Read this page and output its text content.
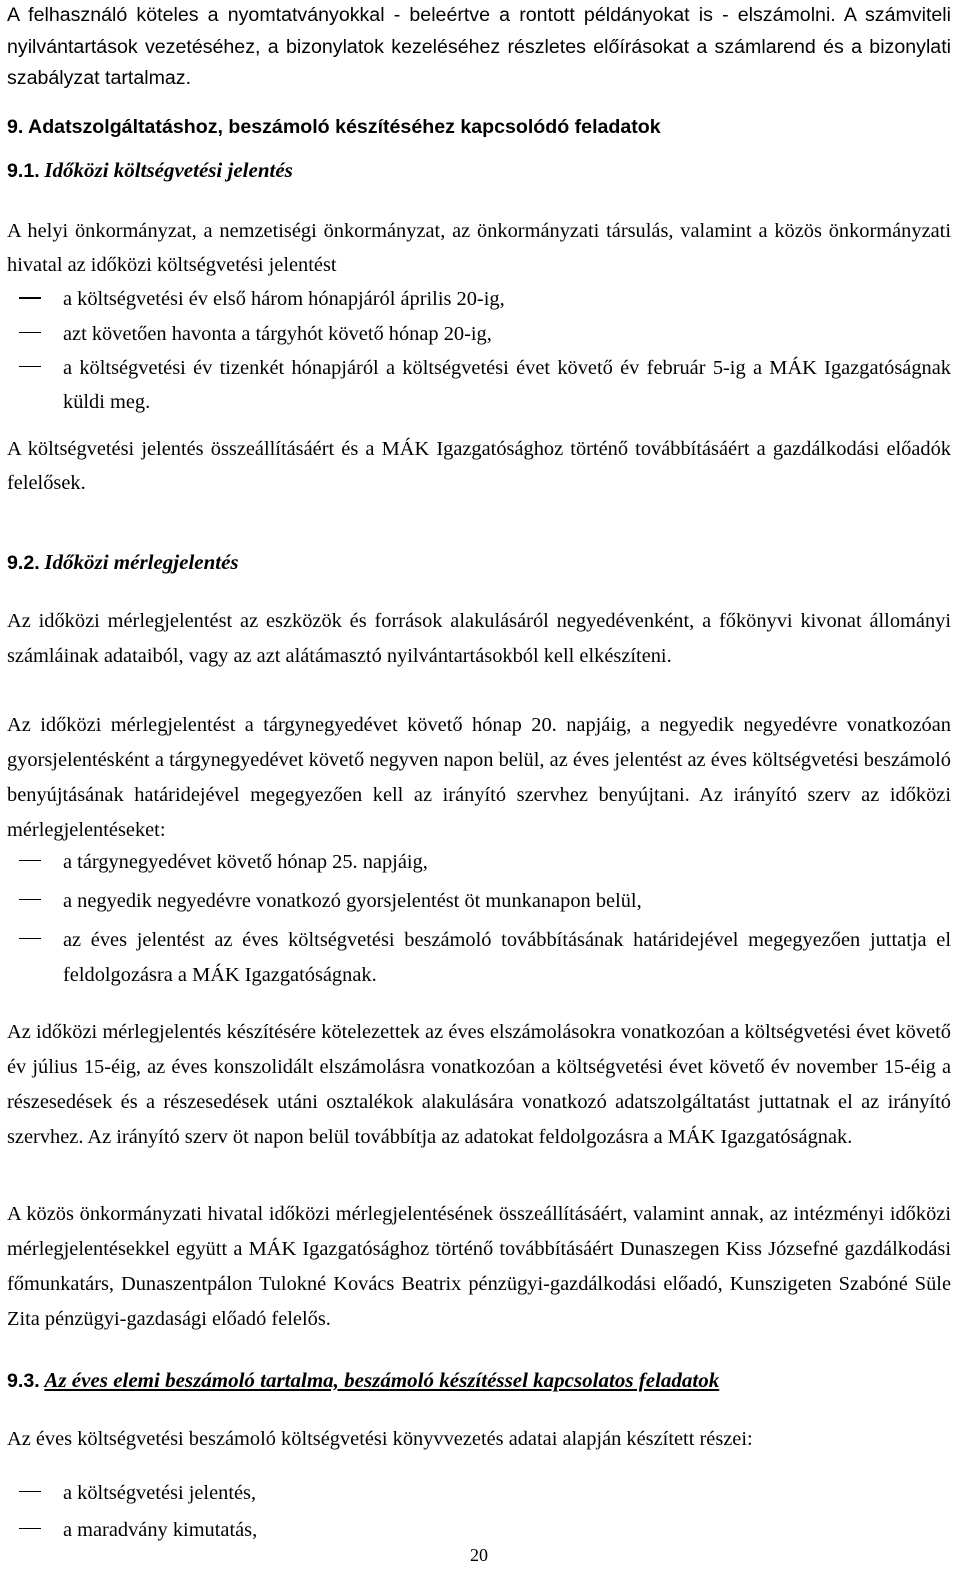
A felhasználó köteles a nyomtatványokkal - beleértve a rontott példányokat is - elszámolni. A számviteli nyilvántartások vezetéséhez, a bizonylatok kezeléséhez részletes előírásokat a számlarend és a bizonylati szabályzat tartalmaz.

9. Adatszolgáltatáshoz, beszámoló készítéséhez kapcsolódó feladatok
9.1. Időközi költségvetési jelentés

A helyi önkormányzat, a nemzetiségi önkormányzat, az önkormányzati társulás, valamint a közös önkormányzati hivatal az időközi költségvetési jelentést

a költségvetési év első három hónapjáról április 20-ig,
azt követően havonta a tárgyhót követő hónap 20-ig,
a költségvetési év tizenkét hónapjáról a költségvetési évet követő év február 5-ig a MÁK Igazgatóságnak küldi meg.

A költségvetési jelentés összeállításáért és a MÁK Igazgatósághoz történő továbbításáért a gazdálkodási előadók felelősek.

9.2. Időközi mérlegjelentés

Az időközi mérlegjelentést az eszközök és források alakulásáról negyedévenként, a főkönyvi kivonat állományi számláinak adataiból, vagy az azt alátámasztó nyilvántartásokból kell elkészíteni.

Az időközi mérlegjelentést a tárgynegyedévet követő hónap 20. napjáig, a negyedik negyedévre vonatkozóan gyorsjelentésként a tárgynegyedévet követő negyven napon belül, az éves jelentést az éves költségvetési beszámoló benyújtásának határidejével megegyezően kell az irányító szervhez benyújtani. Az irányító szerv az időközi mérlegjelentéseket:

a tárgynegyedévet követő hónap 25. napjáig,
a negyedik negyedévre vonatkozó gyorsjelentést öt munkanapon belül,
az éves jelentést az éves költségvetési beszámoló továbbításának határidejével megegyezően juttatja el feldolgozásra a MÁK Igazgatóságnak.

Az időközi mérlegjelentés készítésére kötelezettek az éves elszámolásokra vonatkozóan a költségvetési évet követő év július 15-éig, az éves konszolidált elszámolásra vonatkozóan a költségvetési évet követő év november 15-éig a részesedések és a részesedések utáni osztalékok alakulására vonatkozó adatszolgáltatást juttatnak el az irányító szervhez. Az irányító szerv öt napon belül továbbítja az adatokat feldolgozásra a MÁK Igazgatóságnak.

A közös önkormányzati hivatal időközi mérlegjelentésének összeállításáért, valamint annak, az intézményi időközi mérlegjelentésekkel együtt a MÁK Igazgatósághoz történő továbbításáért Dunaszegen Kiss Józsefné gazdálkodási főmunkatárs, Dunaszentpálon Tulokné Kovács Beatrix pénzügyi-gazdálkodási előadó, Kunszigeten Szabóné Süle Zita pénzügyi-gazdasági előadó felelős.

9.3. Az éves elemi beszámoló tartalma, beszámoló készítéssel kapcsolatos feladatok

Az éves költségvetési beszámoló költségvetési könyvvezetés adatai alapján készített részei:

a költségvetési jelentés,
a maradvány kimutatás,
20
